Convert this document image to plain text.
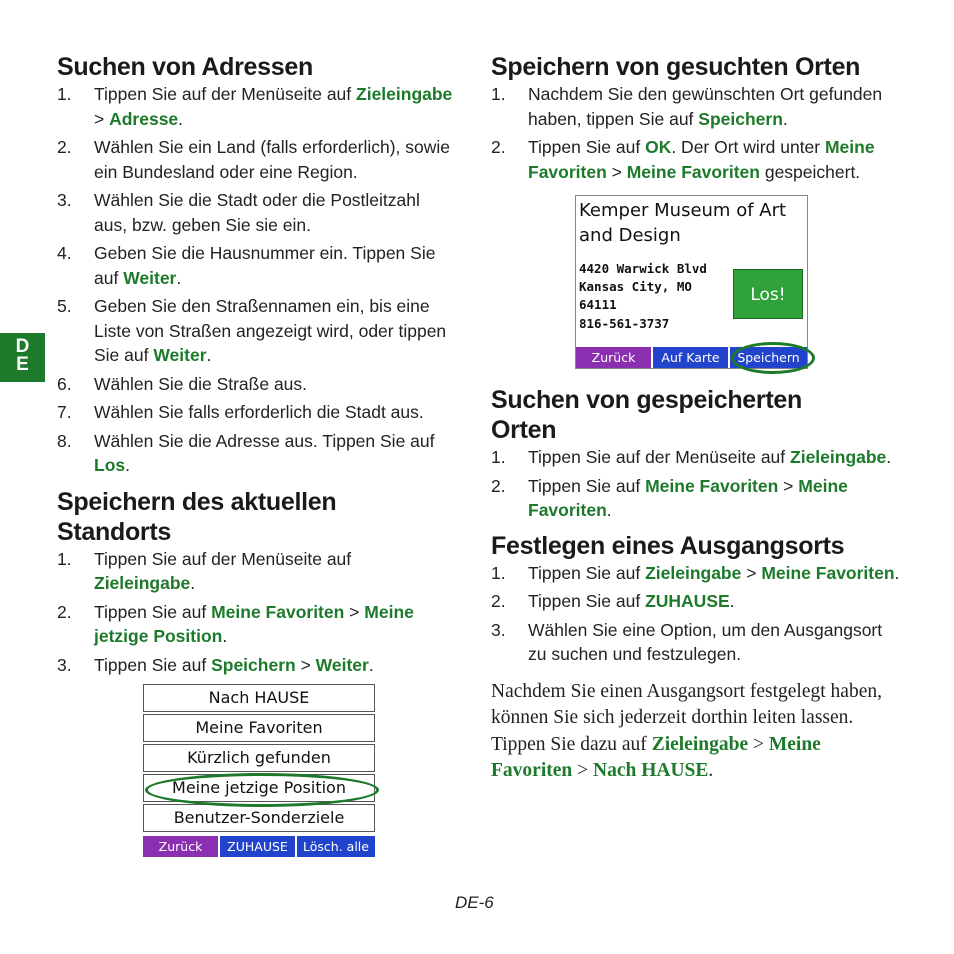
D
E
Suchen von Adressen
1. Tippen Sie auf der Menüseite auf Zieleingabe > Adresse.
2. Wählen Sie ein Land (falls erforderlich), sowie ein Bundesland oder eine Region.
3. Wählen Sie die Stadt oder die Postleitzahl aus, bzw. geben Sie sie ein.
4. Geben Sie die Hausnummer ein. Tippen Sie auf Weiter.
5. Geben Sie den Straßennamen ein, bis eine Liste von Straßen angezeigt wird, oder tippen Sie auf Weiter.
6. Wählen Sie die Straße aus.
7. Wählen Sie falls erforderlich die Stadt aus.
8. Wählen Sie die Adresse aus. Tippen Sie auf Los.
Speichern des aktuellen Standorts
1. Tippen Sie auf der Menüseite auf Zieleingabe.
2. Tippen Sie auf Meine Favoriten > Meine jetzige Position.
3. Tippen Sie auf Speichern > Weiter.
Nach HAUSE
Meine Favoriten
Kürzlich gefunden
Meine jetzige Position
Benutzer-Sonderziele
Zurück	ZUHAUSE	Lösch. alle
Speichern von gesuchten Orten
1. Nachdem Sie den gewünschten Ort gefunden haben, tippen Sie auf Speichern.
2. Tippen Sie auf OK. Der Ort wird unter Meine Favoriten > Meine Favoriten gespeichert.
Suchen von gespeicherten Orten
1. Tippen Sie auf der Menüseite auf Zieleingabe.
2. Tippen Sie auf Meine Favoriten > Meine Favoriten.
Festlegen eines Ausgangsorts
1. Tippen Sie auf Zieleingabe > Meine Favoriten.
2. Tippen Sie auf ZUHAUSE.
3. Wählen Sie eine Option, um den Ausgangsort zu suchen und festzulegen.

Nachdem Sie einen Ausgangsort festgelegt haben, können Sie sich jederzeit dorthin leiten lassen. Tippen Sie dazu auf Zieleingabe > Meine Favoriten > Nach HAUSE.

Kemper Museum of Art and Design
4420 Warwick Blvd
Kansas City, MO
64111
816-561-3737
Los!
Zurück	Auf Karte	Speichern
DE-6
